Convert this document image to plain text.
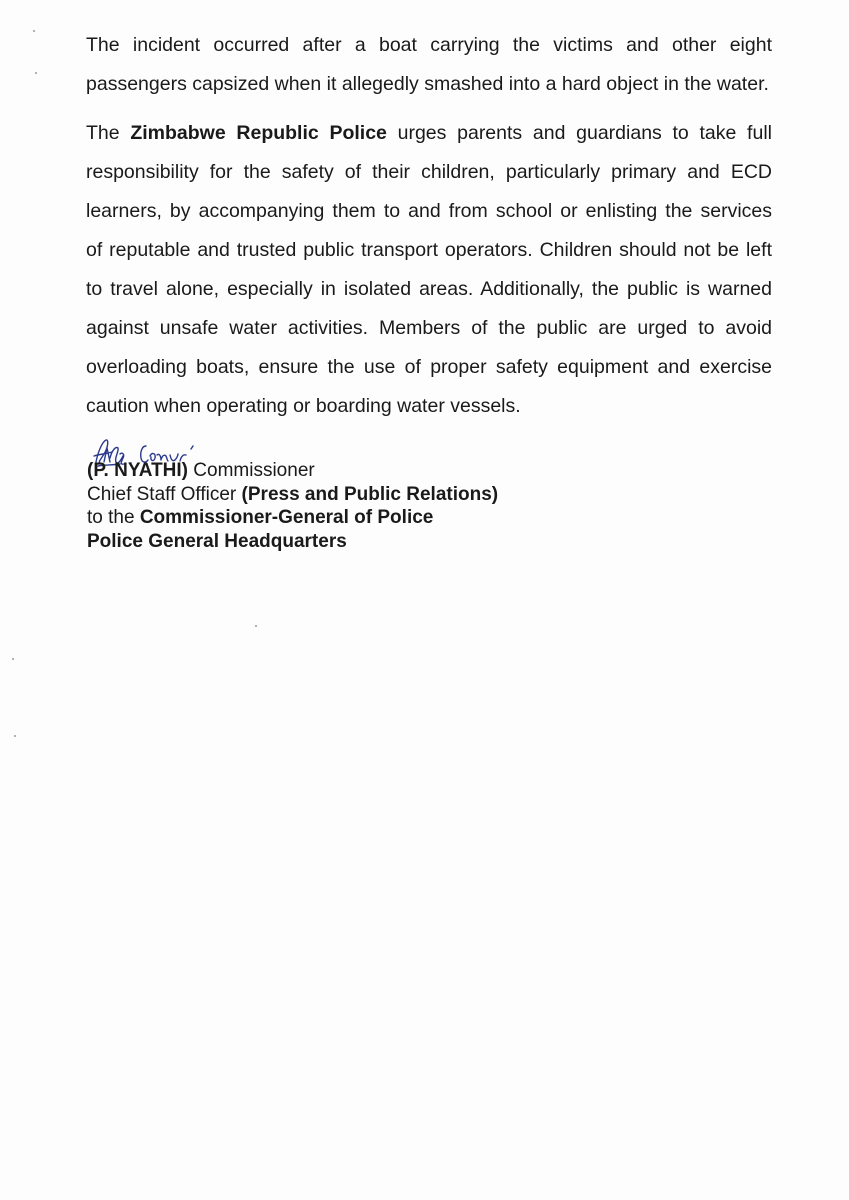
The incident occurred after a boat carrying the victims and other eight
passengers capsized when it allegedly smashed into a hard object in the water.

The Zimbabwe Republic Police urges parents and guardians to take full
responsibility for the safety of their children, particularly primary and ECD
learners, by accompanying them to and from school or enlisting the services
of reputable and trusted public transport operators. Children should not be left
to travel alone, especially in isolated areas. Additionally, the public is warned
against unsafe water activities. Members of the public are urged to avoid
overloading boats, ensure the use of proper safety equipment and exercise
caution when operating or boarding water vessels.

(P. NYATHI) Commissioner
Chief Staff Officer (Press and Public Relations)
to the Commissioner-General of Police
Police General Headquarters
